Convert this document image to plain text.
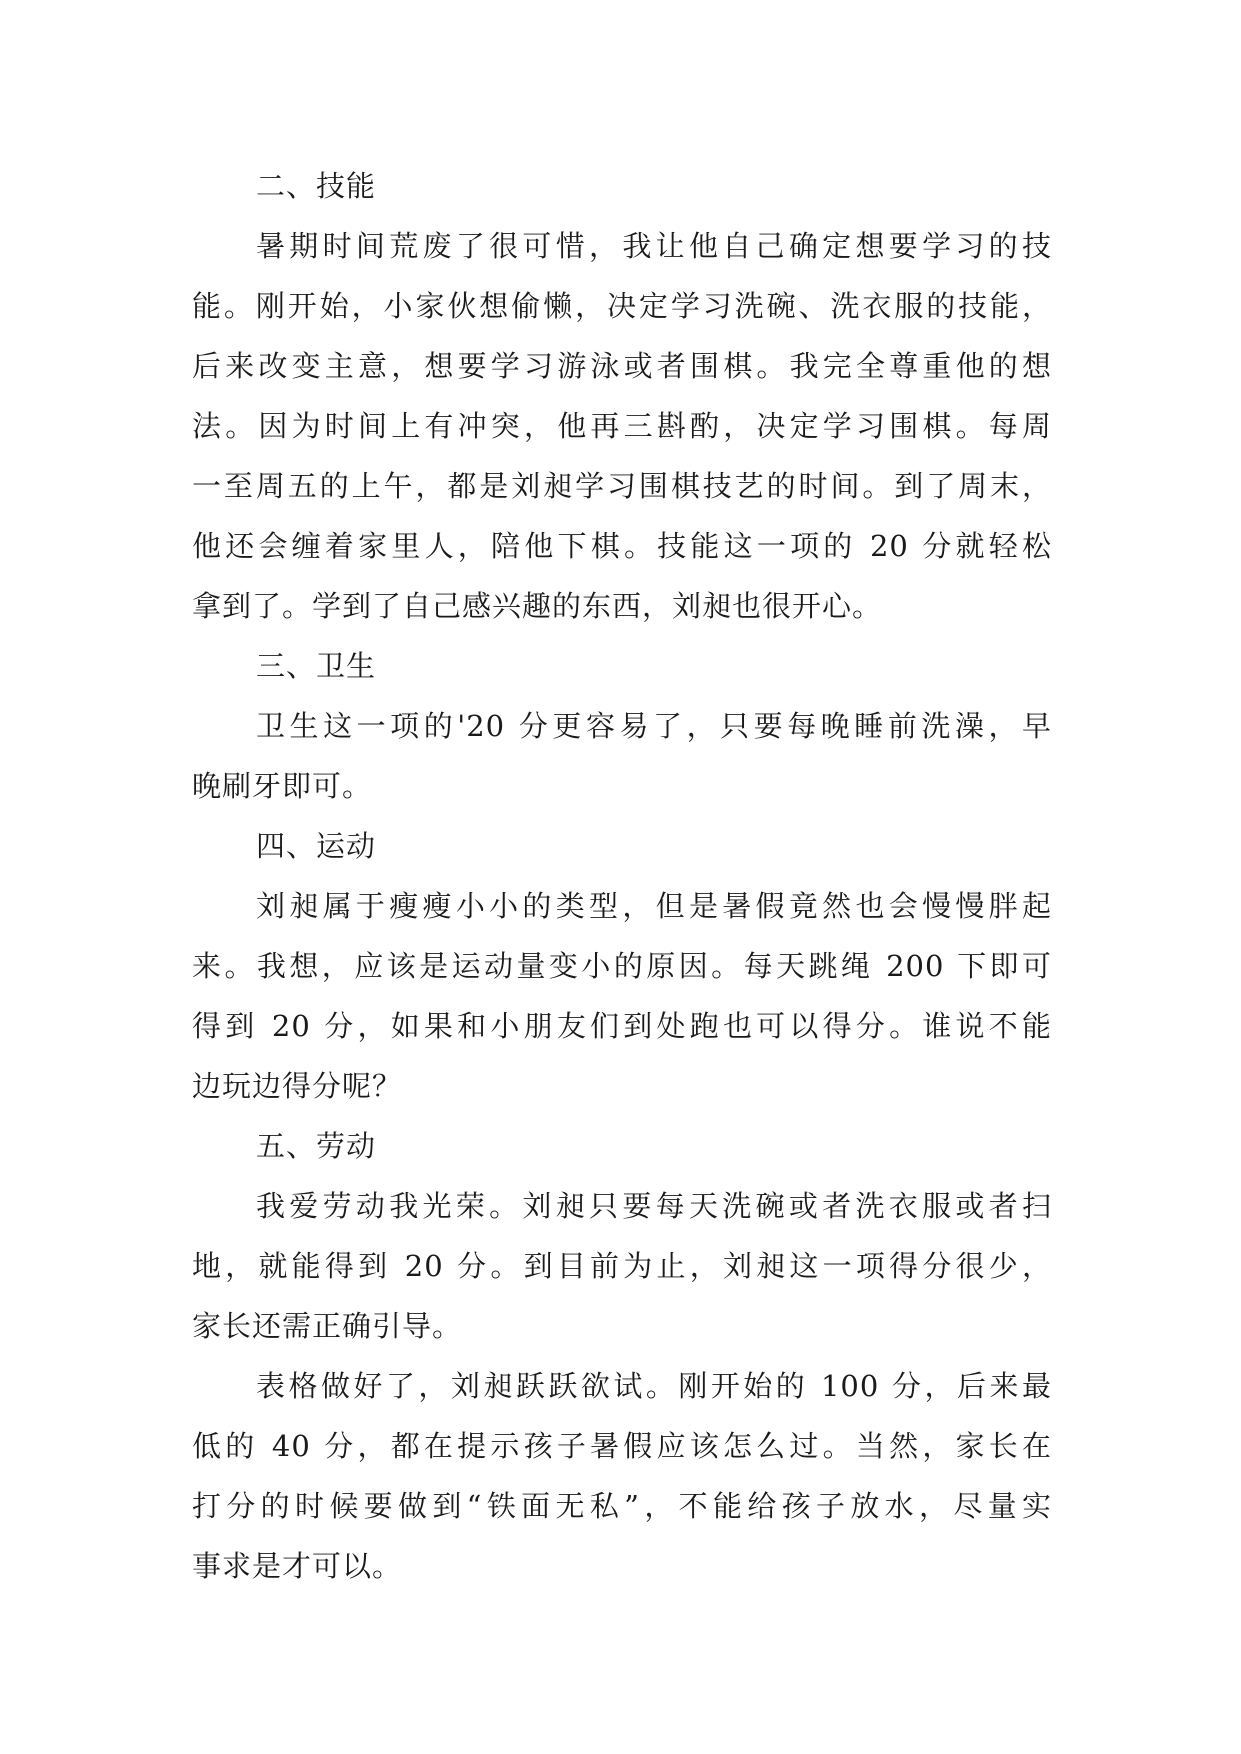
二、技能
暑期时间荒废了很可惜，我让他自己确定想要学习的技
能。刚开始，小家伙想偷懒，决定学习洗碗、洗衣服的技能，
后来改变主意，想要学习游泳或者围棋。我完全尊重他的想
法。因为时间上有冲突，他再三斟酌，决定学习围棋。每周
一至周五的上午，都是刘昶学习围棋技艺的时间。到了周末，
他还会缠着家里人，陪他下棋。技能这一项的 20 分就轻松
拿到了。学到了自己感兴趣的东西，刘昶也很开心。
三、卫生
卫生这一项的'20 分更容易了，只要每晚睡前洗澡，早
晚刷牙即可。
四、运动
刘昶属于瘦瘦小小的类型，但是暑假竟然也会慢慢胖起
来。我想，应该是运动量变小的原因。每天跳绳 200 下即可
得到 20 分，如果和小朋友们到处跑也可以得分。谁说不能
边玩边得分呢？
五、劳动
我爱劳动我光荣。刘昶只要每天洗碗或者洗衣服或者扫
地，就能得到 20 分。到目前为止，刘昶这一项得分很少，
家长还需正确引导。
表格做好了，刘昶跃跃欲试。刚开始的 100 分，后来最
低的 40 分，都在提示孩子暑假应该怎么过。当然，家长在
打分的时候要做到“铁面无私”，不能给孩子放水，尽量实
事求是才可以。
